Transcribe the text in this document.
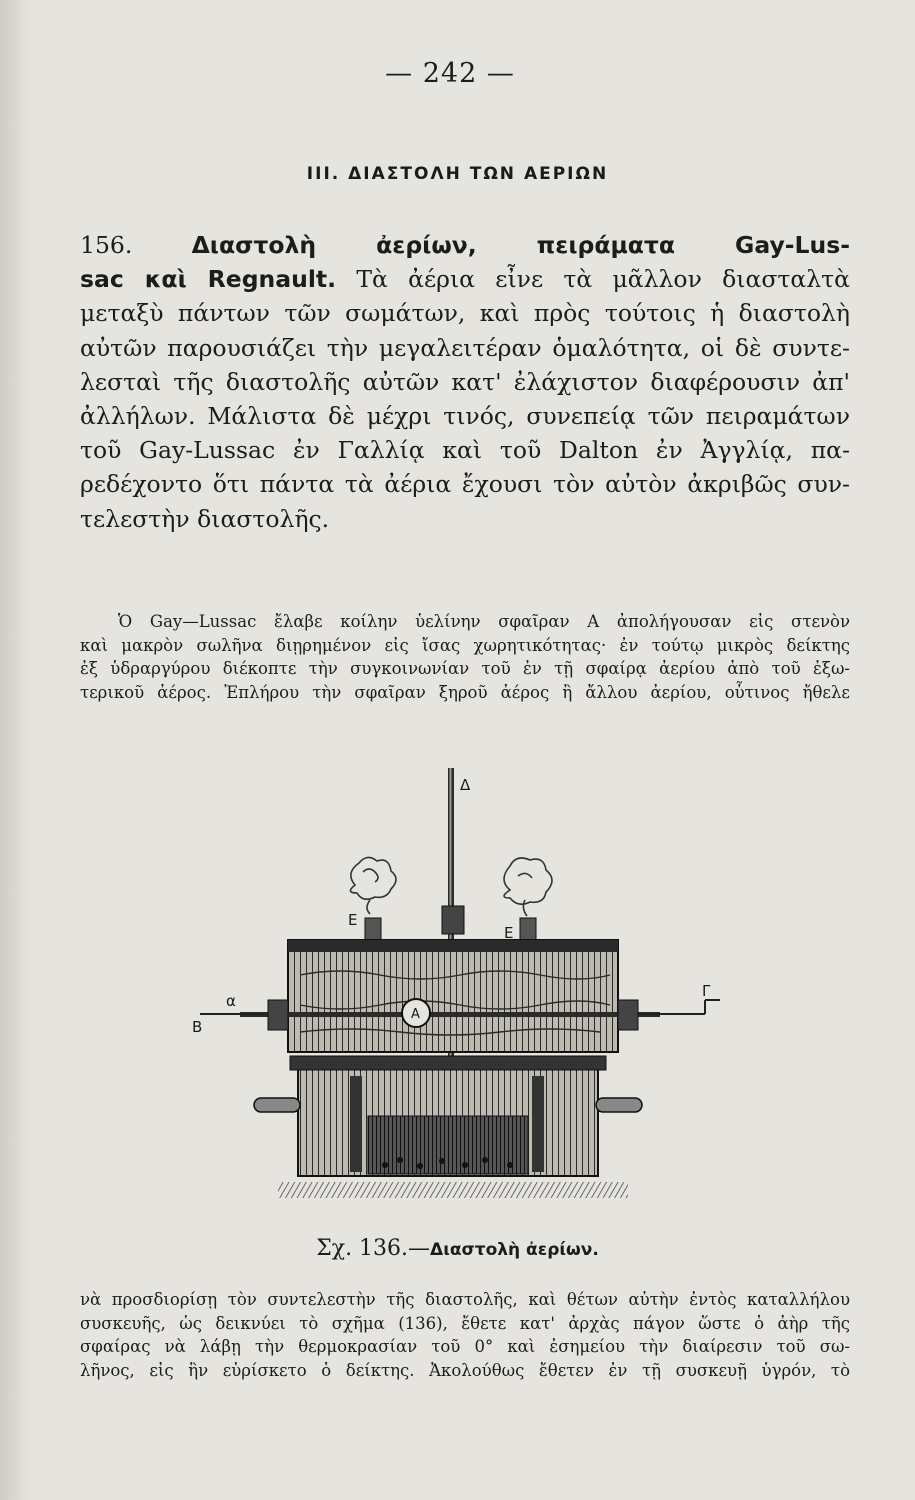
— 242 —
III. ΔΙΑΣΤΟΛΗ ΤΩΝ ΑΕΡΙΩΝ
156.	Διαστολὴ ἀερίων, πειράματα Gay-Lus-
sac καὶ Regnault. Τὰ ἀέρια εἶνε τὰ μᾶλλον διασταλτὰ
μεταξὺ πάντων τῶν σωμάτων, καὶ πρὸς τούτοις ἡ διαστολὴ
αὐτῶν παρουσιάζει τὴν μεγαλειτέραν ὁμαλότητα, οἱ δὲ συντε-
λεσταὶ τῆς διαστολῆς αὐτῶν κατ' ἐλάχιστον διαφέρουσιν ἀπ'
ἀλλήλων. Μάλιστα δὲ μέχρι τινός, συνεπείᾳ τῶν πειραμάτων
τοῦ Gay-Lussac ἐν Γαλλίᾳ καὶ τοῦ Dalton ἐν Ἀγγλίᾳ, πα-
ρεδέχοντο ὅτι πάντα τὰ ἀέρια ἔχουσι τὸν αὐτὸν ἀκριβῶς συν-
τελεστὴν διαστολῆς.
Ὁ Gay—Lussac ἔλαβε κοίλην ὑελίνην σφαῖραν Α ἀπολήγουσαν εἰς στενὸν
καὶ μακρὸν σωλῆνα διῃρημένον εἰς ἴσας χωρητικότητας· ἐν τούτῳ μικρὸς δείκτης
ἐξ ὑδραργύρου διέκοπτε τὴν συγκοινωνίαν τοῦ ἐν τῇ σφαίρᾳ ἀερίου ἀπὸ τοῦ ἐξω-
τερικοῦ ἀέρος. Ἐπλήρου τὴν σφαῖραν ξηροῦ ἀέρος ἢ ἄλλου ἀερίου, οὗτινος ἤθελε
Δ
Ε
Ε
α
Β
Γ
Α
Σχ. 136.—Διαστολὴ ἀερίων.
νὰ προσδιορίσῃ τὸν συντελεστὴν τῆς διαστολῆς, καὶ θέτων αὐτὴν ἐντὸς καταλλήλου
συσκευῆς, ὡς δεικνύει τὸ σχῆμα (136), ἔθετε κατ' ἀρχὰς πάγον ὥστε ὁ ἀὴρ τῆς
σφαίρας νὰ λάβῃ τὴν θερμοκρασίαν τοῦ 0° καὶ ἐσημείου τὴν διαίρεσιν τοῦ σω-
λῆνος, εἰς ἣν εὑρίσκετο ὁ δείκτης. Ἀκολούθως ἔθετεν ἐν τῇ συσκευῇ ὑγρόν, τὸ
